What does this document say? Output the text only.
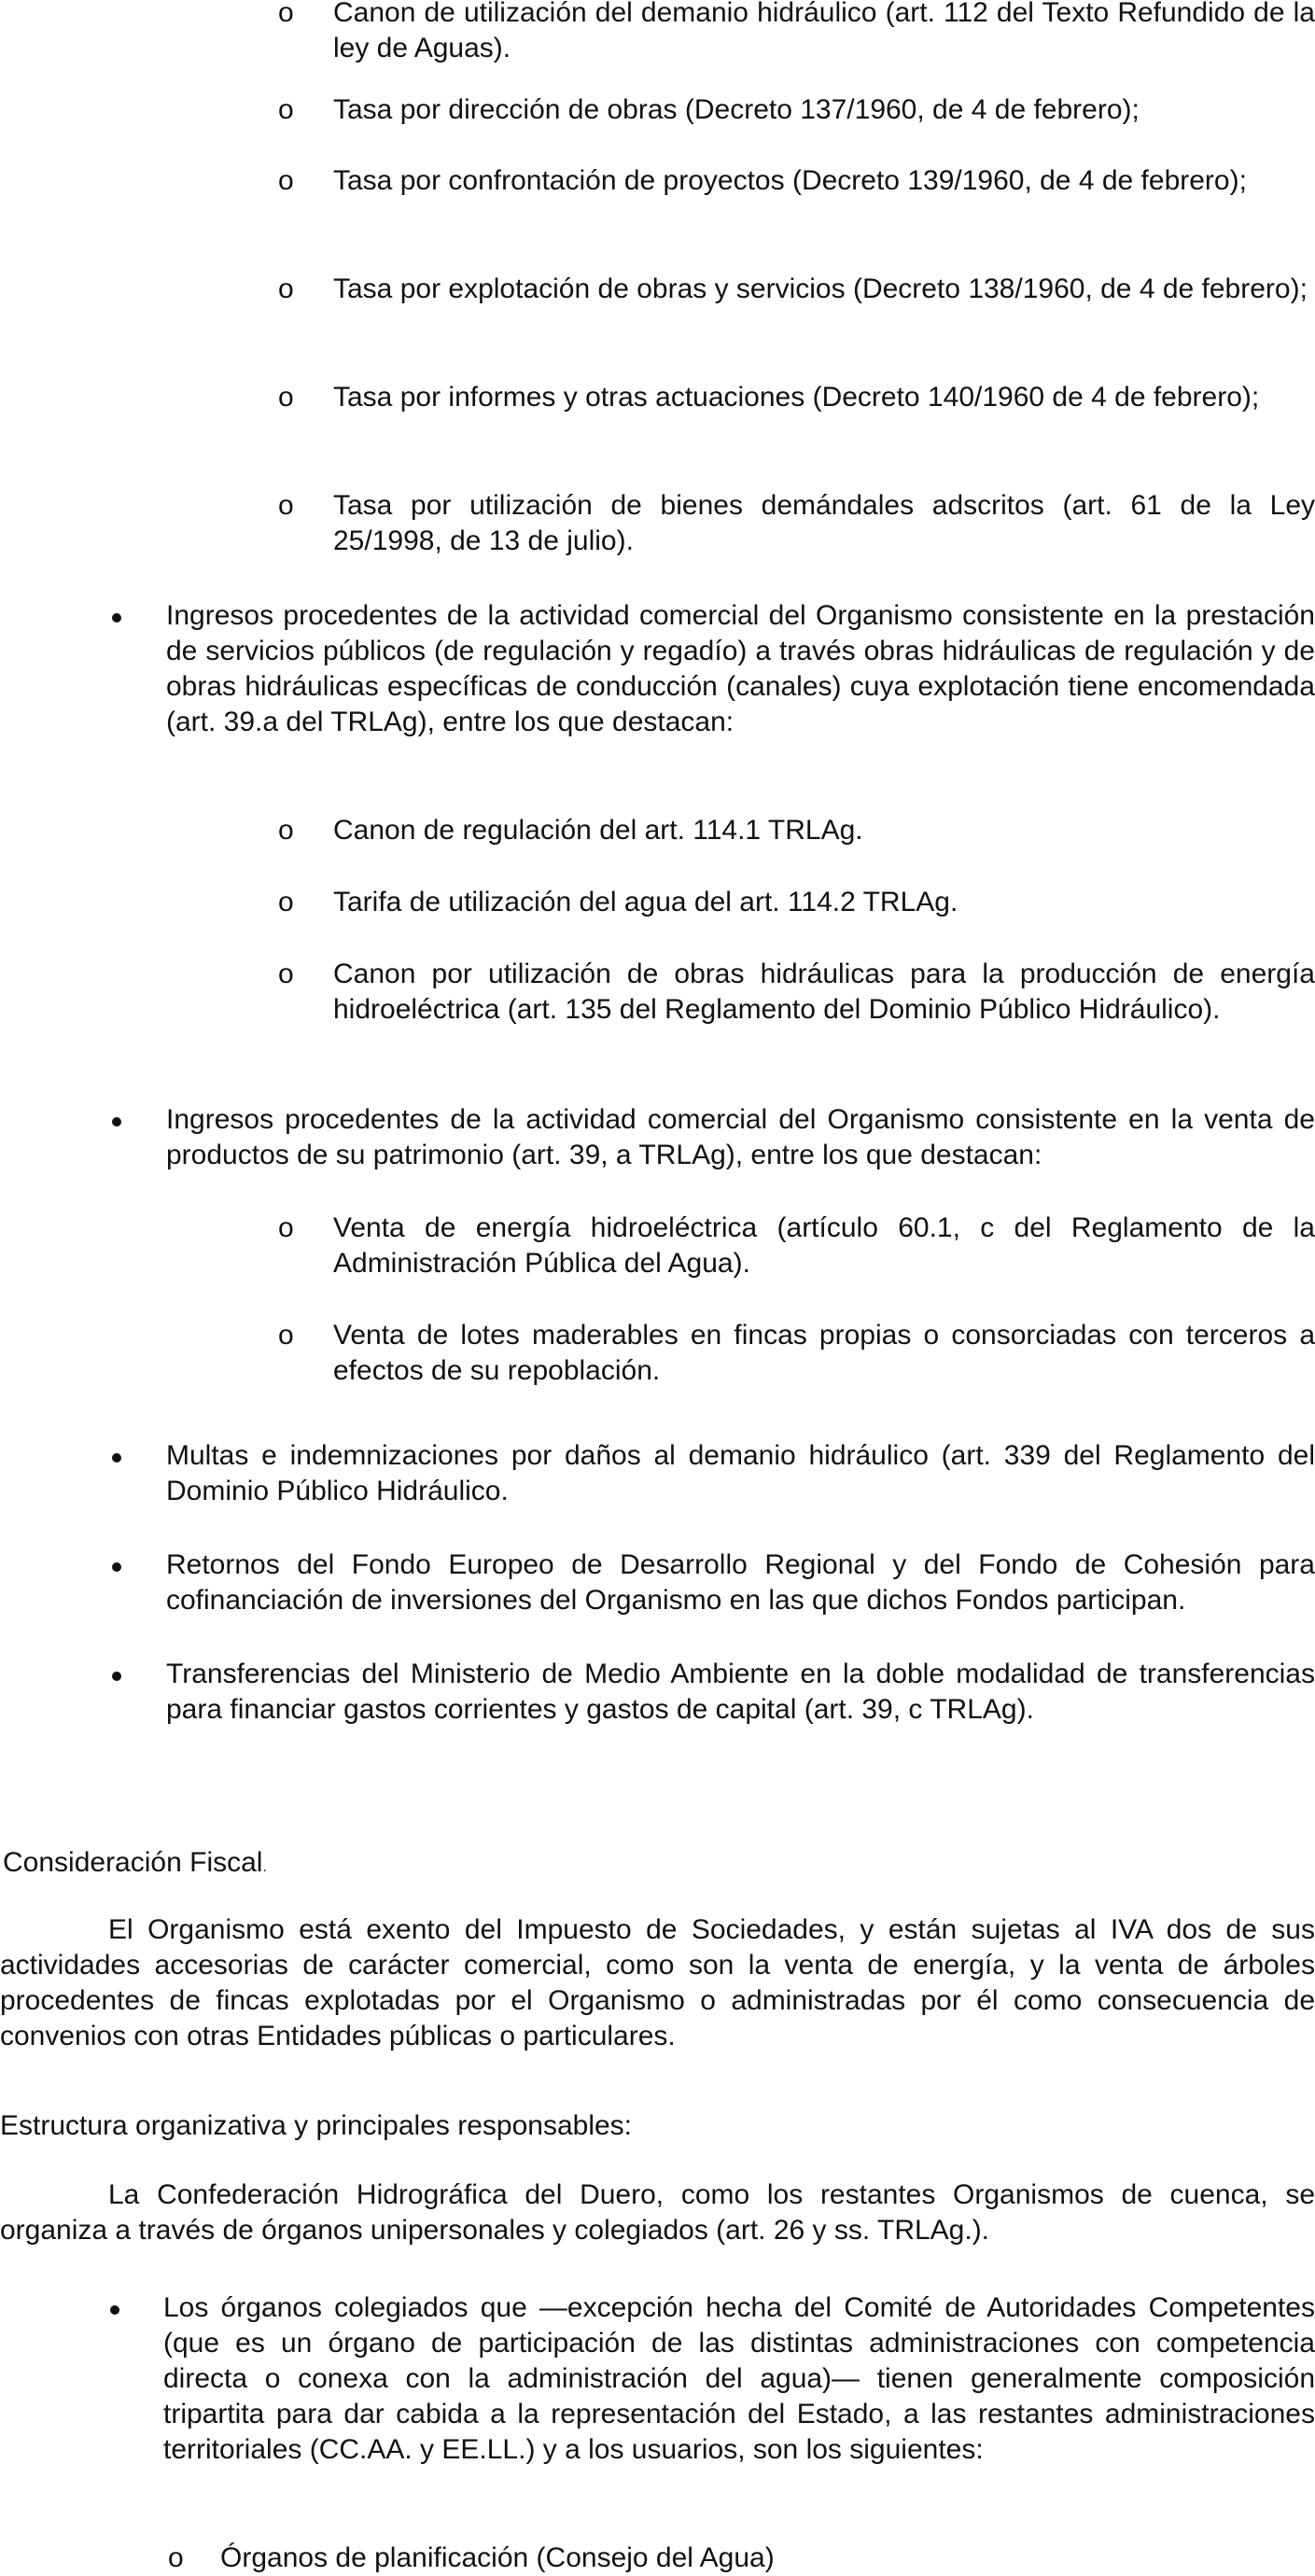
o Canon de utilización del demanio hidráulico (art. 112 del Texto Refundido de la ley de Aguas).

o Tasa por dirección de obras (Decreto 137/1960, de 4 de febrero);

o Tasa por confrontación de proyectos (Decreto 139/1960, de 4 de febrero);

o Tasa por explotación de obras y servicios (Decreto 138/1960, de 4 de febrero);

o Tasa por informes y otras actuaciones (Decreto 140/1960 de 4 de febrero);

o Tasa por utilización de bienes demándales adscritos (art. 61 de la Ley 25/1998, de 13 de julio).

Ingresos procedentes de la actividad comercial del Organismo consistente en la prestación de servicios públicos (de regulación y regadío) a través obras hidráulicas de regulación y de obras hidráulicas específicas de conducción (canales) cuya explotación tiene encomendada (art. 39.a del TRLAg), entre los que destacan:

o Canon de regulación del art. 114.1 TRLAg.

o Tarifa de utilización del agua del art. 114.2 TRLAg.

o Canon por utilización de obras hidráulicas para la producción de energía hidroeléctrica (art. 135 del Reglamento del Dominio Público Hidráulico).

Ingresos procedentes de la actividad comercial del Organismo consistente en la venta de productos de su patrimonio (art. 39, a TRLAg), entre los que destacan:

o Venta de energía hidroeléctrica (artículo 60.1, c del Reglamento de la Administración Pública del Agua).

o Venta de lotes maderables en fincas propias o consorciadas con terceros a efectos de su repoblación.

Multas e indemnizaciones por daños al demanio hidráulico (art. 339 del Reglamento del Dominio Público Hidráulico.

Retornos del Fondo Europeo de Desarrollo Regional y del Fondo de Cohesión para cofinanciación de inversiones del Organismo en las que dichos Fondos participan.

Transferencias del Ministerio de Medio Ambiente en la doble modalidad de transferencias para financiar gastos corrientes y gastos de capital (art. 39, c TRLAg).

Consideración Fiscal.

El Organismo está exento del Impuesto de Sociedades, y están sujetas al IVA dos de sus actividades accesorias de carácter comercial, como son la venta de energía, y la venta de árboles procedentes de fincas explotadas por el Organismo o administradas por él como consecuencia de convenios con otras Entidades públicas o particulares.

Estructura organizativa y principales responsables:

La Confederación Hidrográfica del Duero, como los restantes Organismos de cuenca, se organiza a través de órganos unipersonales y colegiados (art. 26 y ss. TRLAg.).

Los órganos colegiados que —excepción hecha del Comité de Autoridades Competentes (que es un órgano de participación de las distintas administraciones con competencia directa o conexa con la administración del agua)— tienen generalmente composición tripartita para dar cabida a la representación del Estado, a las restantes administraciones territoriales (CC.AA. y EE.LL.) y a los usuarios, son los siguientes:

o Órganos de planificación (Consejo del Agua)
